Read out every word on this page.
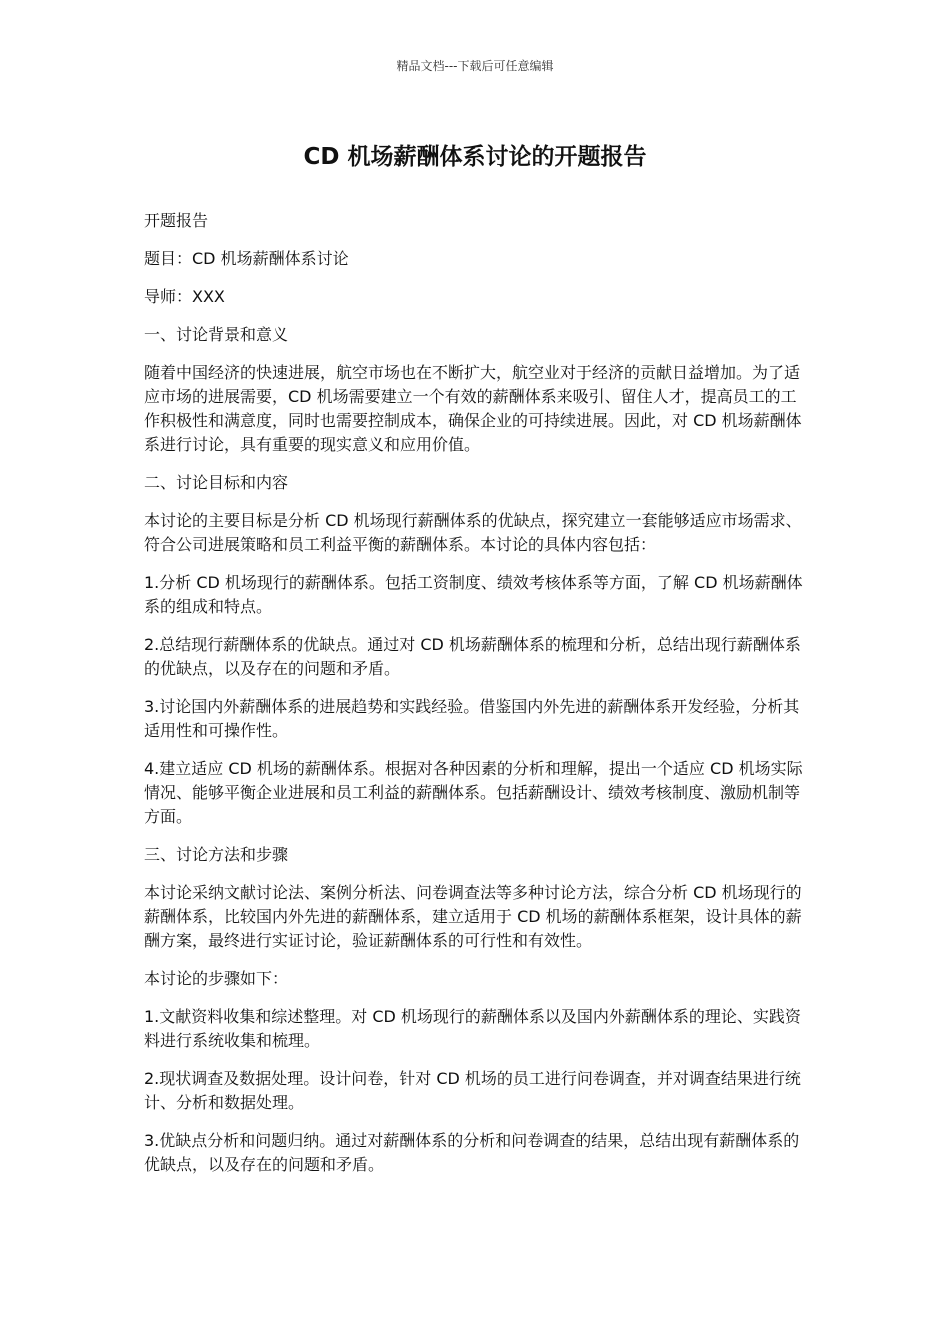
精品文档---下载后可任意编辑
CD 机场薪酬体系讨论的开题报告

开题报告

题目：CD 机场薪酬体系讨论

导师：XXX

一、讨论背景和意义

随着中国经济的快速进展，航空市场也在不断扩大，航空业对于经济的贡献日益增加。为了适应市场的进展需要，CD 机场需要建立一个有效的薪酬体系来吸引、留住人才，提高员工的工作积极性和满意度，同时也需要控制成本，确保企业的可持续进展。因此，对 CD 机场薪酬体系进行讨论，具有重要的现实意义和应用价值。

二、讨论目标和内容

本讨论的主要目标是分析 CD 机场现行薪酬体系的优缺点，探究建立一套能够适应市场需求、符合公司进展策略和员工利益平衡的薪酬体系。本讨论的具体内容包括：

1.分析 CD 机场现行的薪酬体系。包括工资制度、绩效考核体系等方面，了解 CD 机场薪酬体系的组成和特点。

2.总结现行薪酬体系的优缺点。通过对 CD 机场薪酬体系的梳理和分析，总结出现行薪酬体系的优缺点，以及存在的问题和矛盾。

3.讨论国内外薪酬体系的进展趋势和实践经验。借鉴国内外先进的薪酬体系开发经验，分析其适用性和可操作性。

4.建立适应 CD 机场的薪酬体系。根据对各种因素的分析和理解，提出一个适应 CD 机场实际情况、能够平衡企业进展和员工利益的薪酬体系。包括薪酬设计、绩效考核制度、激励机制等方面。

三、讨论方法和步骤

本讨论采纳文献讨论法、案例分析法、问卷调查法等多种讨论方法，综合分析 CD 机场现行的薪酬体系，比较国内外先进的薪酬体系，建立适用于 CD 机场的薪酬体系框架，设计具体的薪酬方案，最终进行实证讨论，验证薪酬体系的可行性和有效性。

本讨论的步骤如下：

1.文献资料收集和综述整理。对 CD 机场现行的薪酬体系以及国内外薪酬体系的理论、实践资料进行系统收集和梳理。

2.现状调查及数据处理。设计问卷，针对 CD 机场的员工进行问卷调查，并对调查结果进行统计、分析和数据处理。

3.优缺点分析和问题归纳。通过对薪酬体系的分析和问卷调查的结果，总结出现有薪酬体系的优缺点，以及存在的问题和矛盾。
